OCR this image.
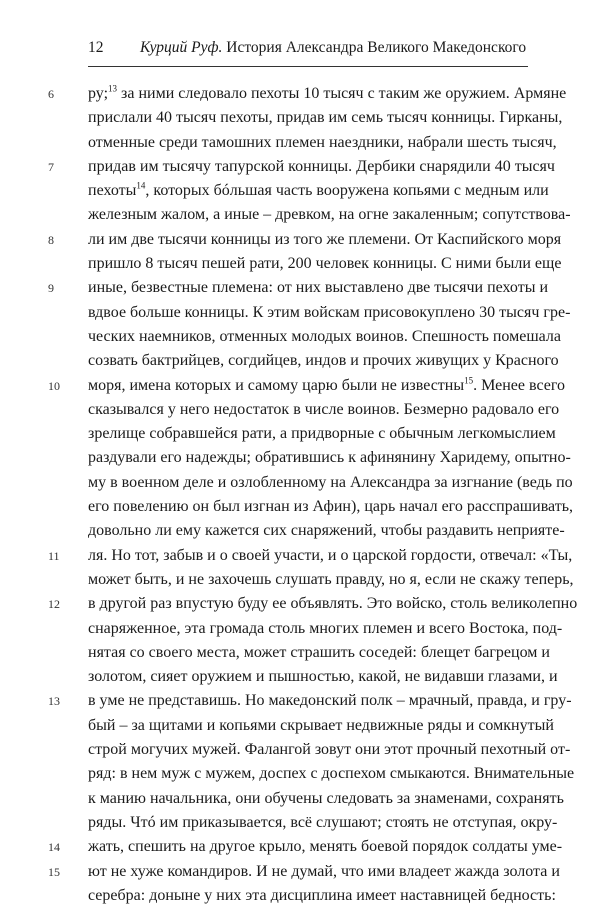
12 Курций Руф. История Александра Великого Македонского
6	ру;$^{13}$ за ними следовало пехоты 10 тысяч с таким же оружием. Армяне
прислали 40 тысяч пехоты, придав им семь тысяч конницы. Гирканы,
отменные среди тамошних племен наездники, набрали шесть тысяч,
7	придав им тысячу тапурской конницы. Дербики снарядили 40 тысяч
пехоты$^{14}$, которых бóльшая часть вооружена копьями с медным или
железным жалом, а иные – древком, на огне закаленным; сопутствова-
8	ли им две тысячи конницы из того же племени. От Каспийского моря
пришло 8 тысяч пешей рати, 200 человек конницы. С ними были еще
9	иные, безвестные племена: от них выставлено две тысячи пехоты и
вдвое больше конницы. К этим войскам присовокуплено 30 тысяч гре-
ческих наемников, отменных молодых воинов. Спешность помешала
созвать бактрийцев, согдийцев, индов и прочих живущих у Красного
10	моря, имена которых и самому царю были не известны$^{15}$. Менее всего
сказывался у него недостаток в числе воинов. Безмерно радовало его
зрелище собравшейся рати, а придворные с обычным легкомыслием
раздували его надежды; обратившись к афинянину Харидему, опытно-
му в военном деле и озлобленному на Александра за изгнание (ведь по
его повелению он был изгнан из Афин), царь начал его расспрашивать,
довольно ли ему кажется сих снаряжений, чтобы раздавить неприяте-
11	ля. Но тот, забыв и о своей участи, и о царской гордости, отвечал: «Ты,
может быть, и не захочешь слушать правду, но я, если не скажу теперь,
12	в другой раз впустую буду ее объявлять. Это войско, столь великолепно
снаряженное, эта громада столь многих племен и всего Востока, под-
нятая со своего места, может страшить соседей: блещет багрецом и
золотом, сияет оружием и пышностью, какой, не видавши глазами, и
13	в уме не представишь. Но македонский полк – мрачный, правда, и гру-
бый – за щитами и копьями скрывает недвижные ряды и сомкнутый
строй могучих мужей. Фалангой зовут они этот прочный пехотный от-
ряд: в нем муж с мужем, доспех с доспехом смыкаются. Внимательные
к манию начальника, они обучены следовать за знаменами, сохранять
ряды. Чтó им приказывается, всё слушают; стоять не отступая, окру-
14	жать, спешить на другое крыло, менять боевой порядок солдаты уме-
15	ют не хуже командиров. И не думай, что ими владеет жажда золота и
серебра: доныне у них эта дисциплина имеет наставницей бедность:
